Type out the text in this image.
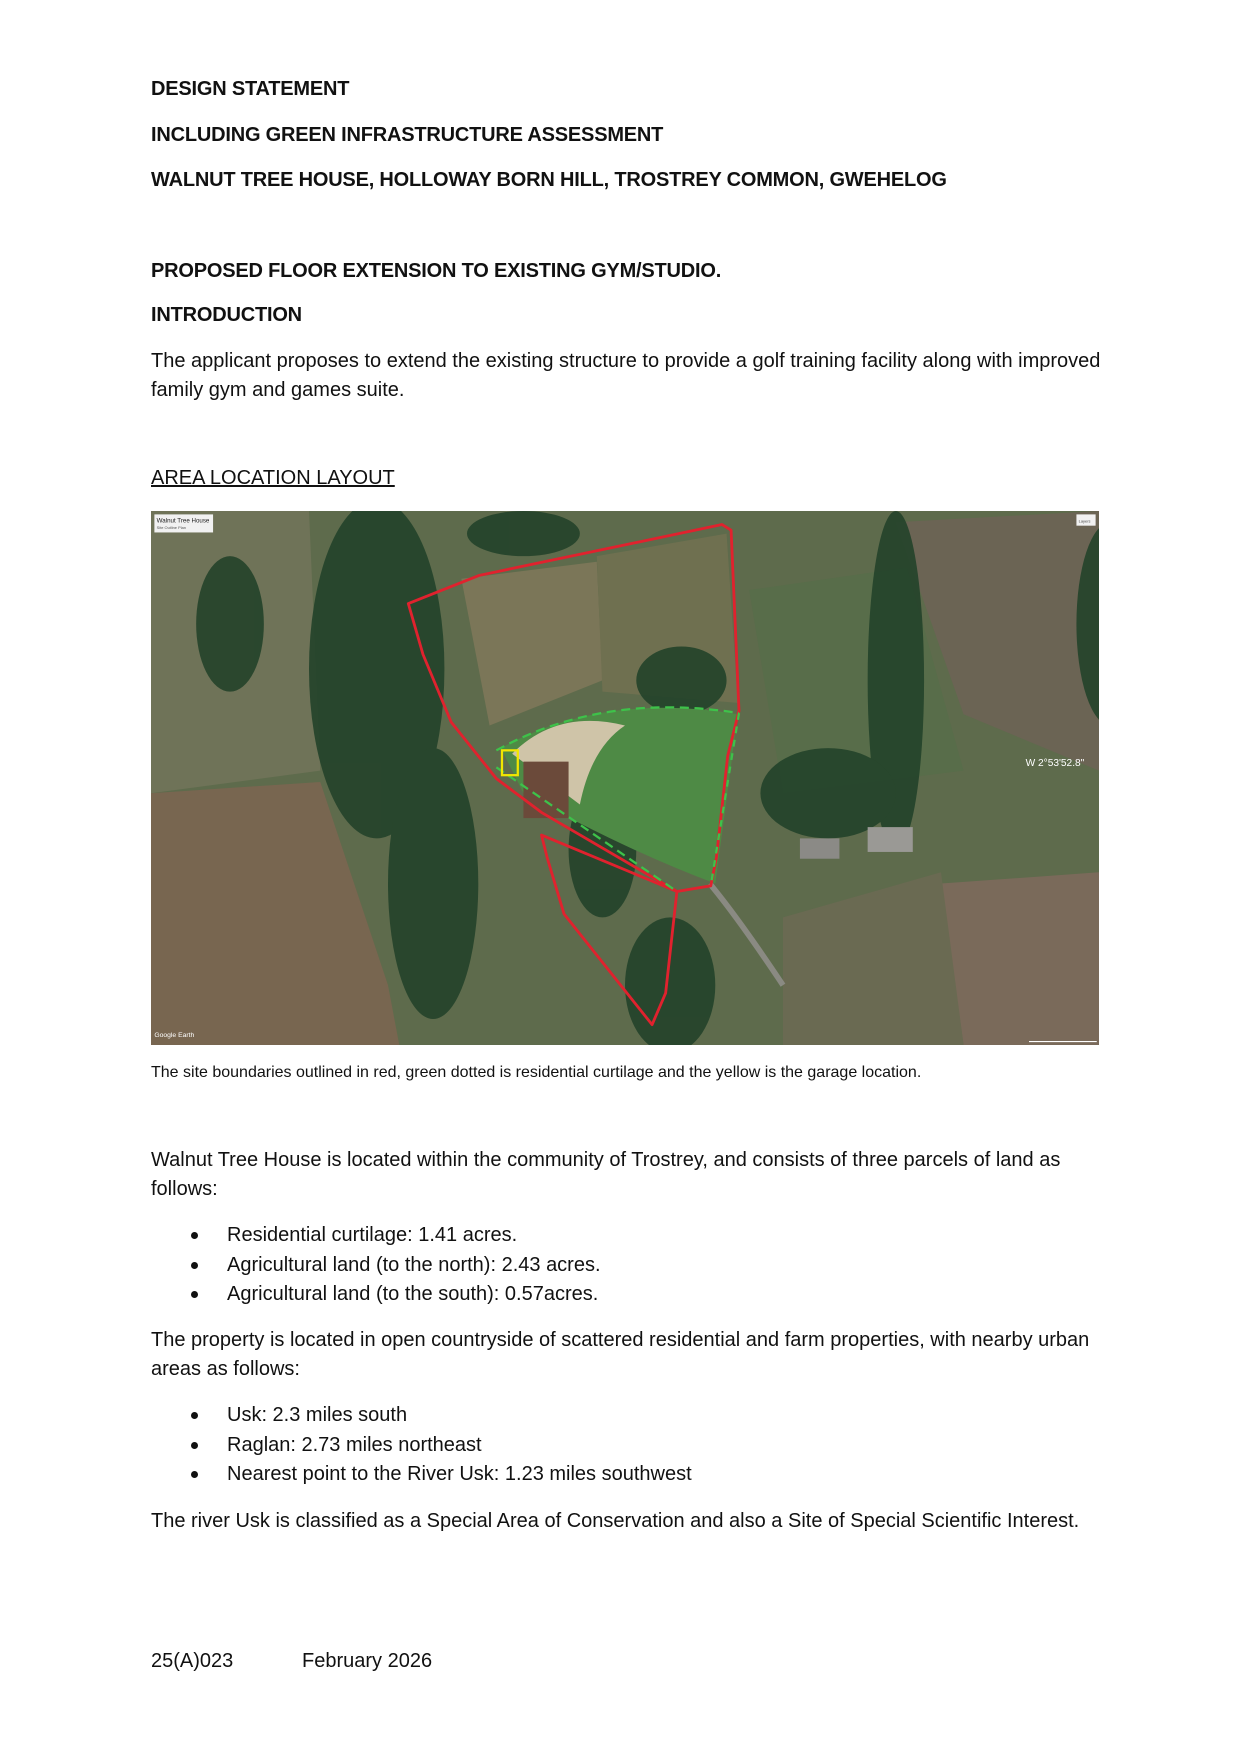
DESIGN STATEMENT

INCLUDING GREEN INFRASTRUCTURE ASSESSMENT

WALNUT TREE HOUSE, HOLLOWAY BORN HILL, TROSTREY COMMON, GWEHELOG

PROPOSED FLOOR EXTENSION TO EXISTING GYM/STUDIO.

INTRODUCTION

The applicant proposes to extend the existing structure to provide a golf training facility along with improved family gym and games suite.

AREA LOCATION LAYOUT

Walnut Tree House
Site Outline Plan
Layers
W 2°53'52.8"
Google Earth

The site boundaries outlined in red, green dotted is residential curtilage and the yellow is the garage location.

Walnut Tree House is located within the community of Trostrey, and consists of three parcels of land as follows:

Residential curtilage: 1.41 acres.
Agricultural land (to the north): 2.43 acres.
Agricultural land (to the south): 0.57acres.

The property is located in open countryside of scattered residential and farm properties, with nearby urban areas as follows:

Usk: 2.3 miles south
Raglan: 2.73 miles northeast
Nearest point to the River Usk: 1.23 miles southwest

The river Usk is classified as a Special Area of Conservation and also a Site of Special Scientific Interest.

25(A)023	February 2026
